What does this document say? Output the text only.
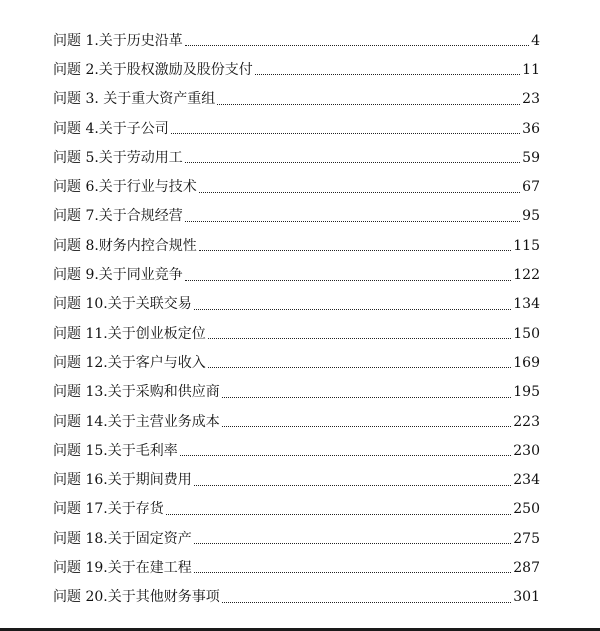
问题 1.关于历史沿革	4
问题 2.关于股权激励及股份支付	11
问题 3. 关于重大资产重组	23
问题 4.关于子公司	36
问题 5.关于劳动用工	59
问题 6.关于行业与技术	67
问题 7.关于合规经营	95
问题 8.财务内控合规性	115
问题 9.关于同业竞争	122
问题 10.关于关联交易	134
问题 11.关于创业板定位	150
问题 12.关于客户与收入	169
问题 13.关于采购和供应商	195
问题 14.关于主营业务成本	223
问题 15.关于毛利率	230
问题 16.关于期间费用	234
问题 17.关于存货	250
问题 18.关于固定资产	275
问题 19.关于在建工程	287
问题 20.关于其他财务事项	301
